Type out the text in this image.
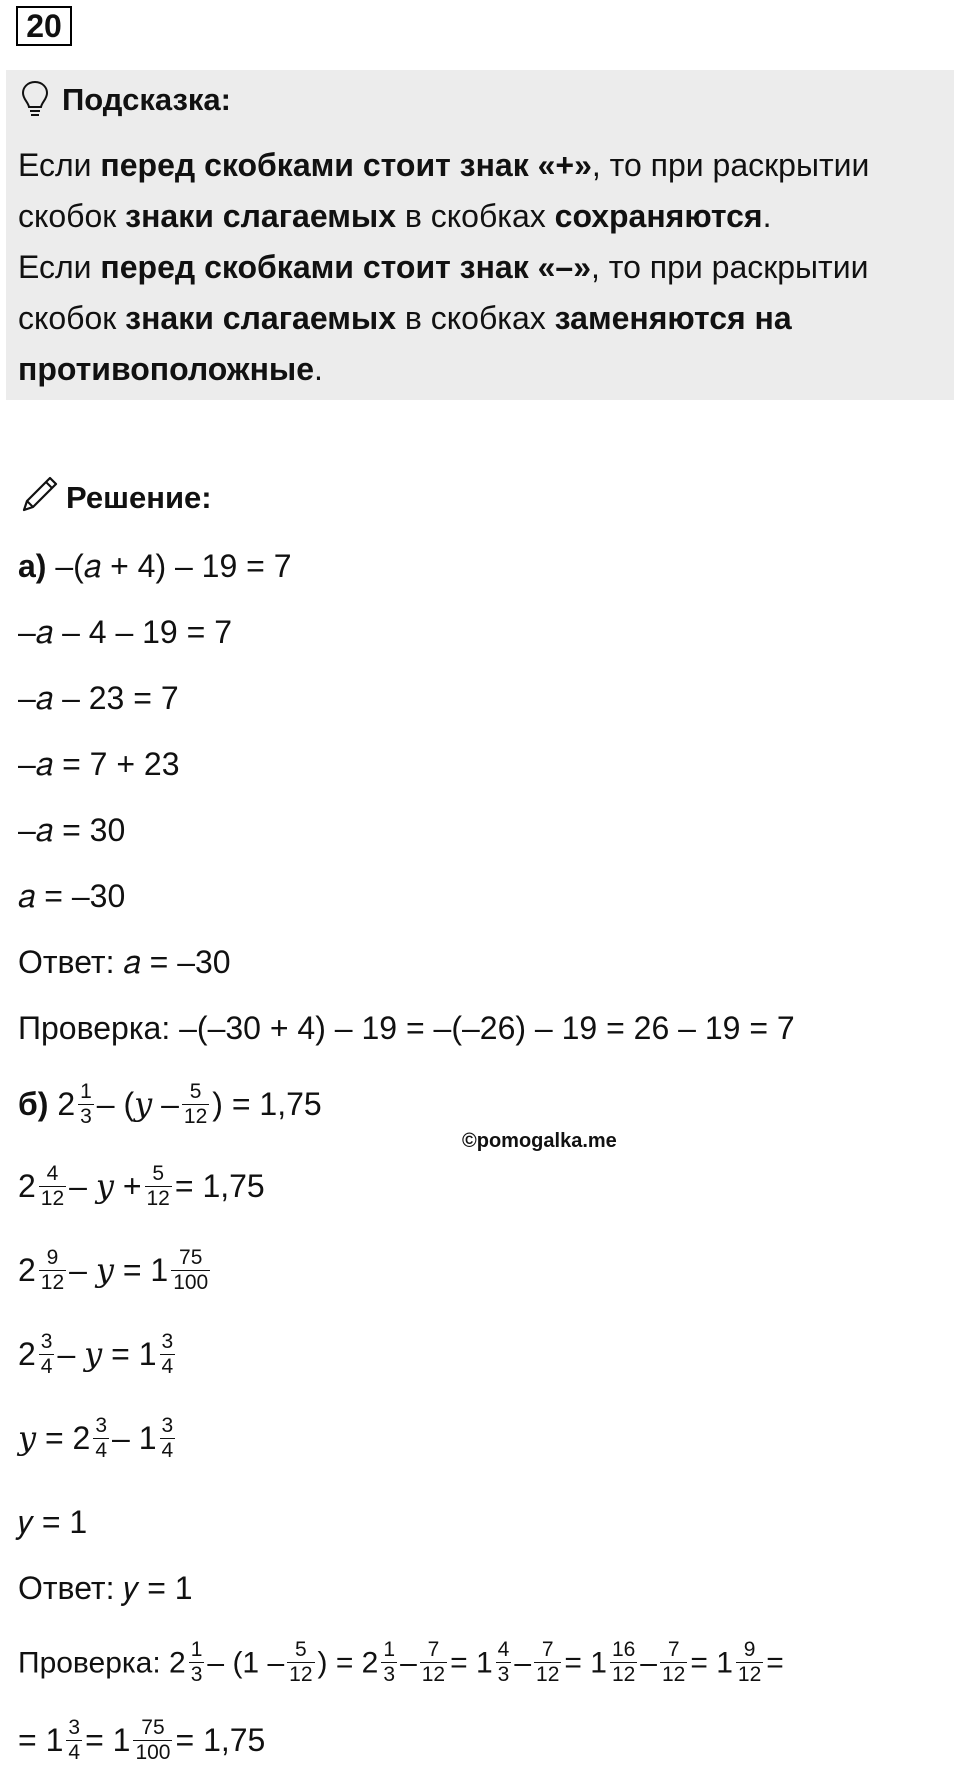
20
Подсказка:
Если перед скобками стоит знак «+», то при раскрытии скобок знаки слагаемых в скобках сохраняются.
Если перед скобками стоит знак «–», то при раскрытии скобок знаки слагаемых в скобках заменяются на противоположные.
Решение:
а) –(𝑎 + 4) – 19 = 7
–𝑎 – 4 – 19 = 7
–𝑎 – 23 = 7
–𝑎 = 7 + 23
–𝑎 = 30
𝑎 = –30
Ответ: 𝑎 = –30
Проверка: –(–30 + 4) – 19 = –(–26) – 19 = 26 – 19 = 7
б) $2 \frac{1}{3}$ – (𝑦 – $\frac{5}{12}$ ) = 1,75
©pomogalka.me
$2 \frac{4}{12}$ – 𝑦 + $\frac{5}{12} = 1,75$
$2 \frac{9}{12}$ – 𝑦 = $1 \frac{75}{100}$
$2 \frac{3}{4}$ – 𝑦 = $1 \frac{3}{4}$
𝑦 = $2 \frac{3}{4} - 1 \frac{3}{4}$
𝑦 = 1
Ответ: 𝑦 = 1
Проверка: $2 \frac{1}{3} - (1 - \frac{5}{12}$ ) = $2 \frac{1}{3} - \frac{7}{12} = 1 \frac{4}{3} - \frac{7}{12} = 1 \frac{16}{12} - \frac{7}{12} = 1 \frac{9}{12}$ =
= $1 \frac{3}{4} = 1 \frac{75}{100} = 1,75$
